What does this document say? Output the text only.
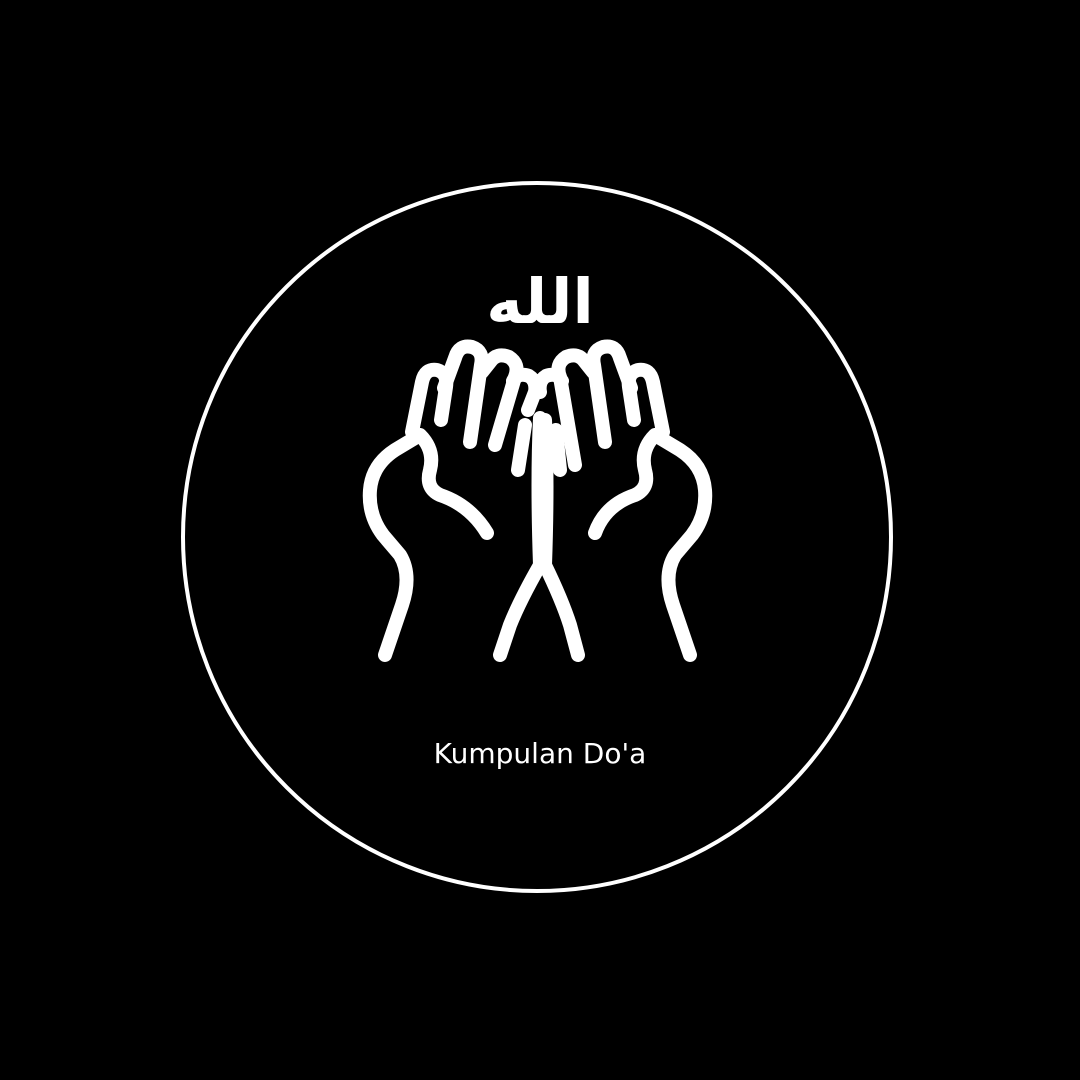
الله
Kumpulan Do'a
